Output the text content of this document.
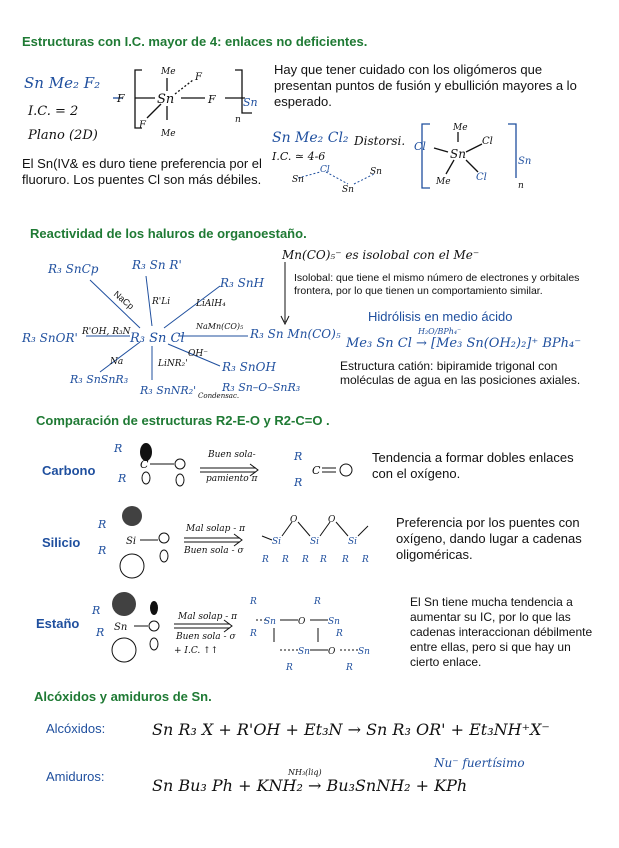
Estructuras con I.C. mayor de 4: enlaces no deficientes.
Sn Me₂ F₂
I.C. = 2
Plano (2D)
F Sn	F Sn
Me
Me
F
F	n
El Sn(IV& es duro tiene preferencia por el fluoruro. Los puentes Cl son más débiles.
Hay que tener cuidado con los oligómeros que presentan puntos de fusión y ebullición mayores a lo esperado.
Sn Me₂ Cl₂
I.C. ≃ 4-6
Distorsi.
Sn
Cl
Sn
Sn
Cl
Sn
Cl
Me
Me	Cl
Sn
n
Reactividad de los haluros de organoestaño.
R₃ SnCp	R₃ Sn R'
R₃ SnH
R₃ Sn Mn(CO)₅
R₃ SnOH
R₃ Sn–O–SnR₃
R₃ SnNR₂'
R₃ SnSnR₃
R₃ SnOR'	R₃ Sn Cl
NaCp R'Li	LiAlH₄
NaMn(CO)₅
R'OH, R₃N
Na	LiNR₂'
OH⁻
Condensac.
Mn(CO)₅⁻ es isolobal con el Me⁻
Isolobal: que tiene el mismo número de electrones y orbitales frontera, por lo que tienen un comportamiento similar.
Hidrólisis en medio ácido
H₂O/BPh₄⁻
Me₃ Sn Cl → [Me₃ Sn(OH₂)₂]⁺ BPh₄⁻
Estructura catión: bipiramide trigonal con moléculas de agua en las posiciones axiales.
Comparación de estructuras R2-E-O y R2-C=O .
Carbono
R
R
C
R
R
C
Buen sola-
pamiento π
Tendencia a formar dobles enlaces con el oxígeno.
Silicio
R
R
Si	Si
O
Si
O
Si
R R R R R R
Mal solap - π
Buen sola - σ
Preferencia por los puentes con oxígeno, dando lugar a cadenas oligoméricas.
Estaño
R
R Sn	Sn O	Sn
Sn O	Sn
R	R
R	R
R	R
Mal solap - π
Buen sola - σ
+ I.C. ↑↑
El Sn tiene mucha tendencia a aumentar su IC, por lo que las cadenas interaccionan débilmente entre ellas, pero si que hay un cierto enlace.
Alcóxidos y amiduros de Sn.
Alcóxidos:	Sn R₃ X + R'OH + Et₃N → Sn R₃ OR' + Et₃NH⁺X⁻
Amiduros:	NH₃(liq)
Sn Bu₃ Ph + KNH₂ → Bu₃SnNH₂ + KPh
Nu⁻ fuertísimo
